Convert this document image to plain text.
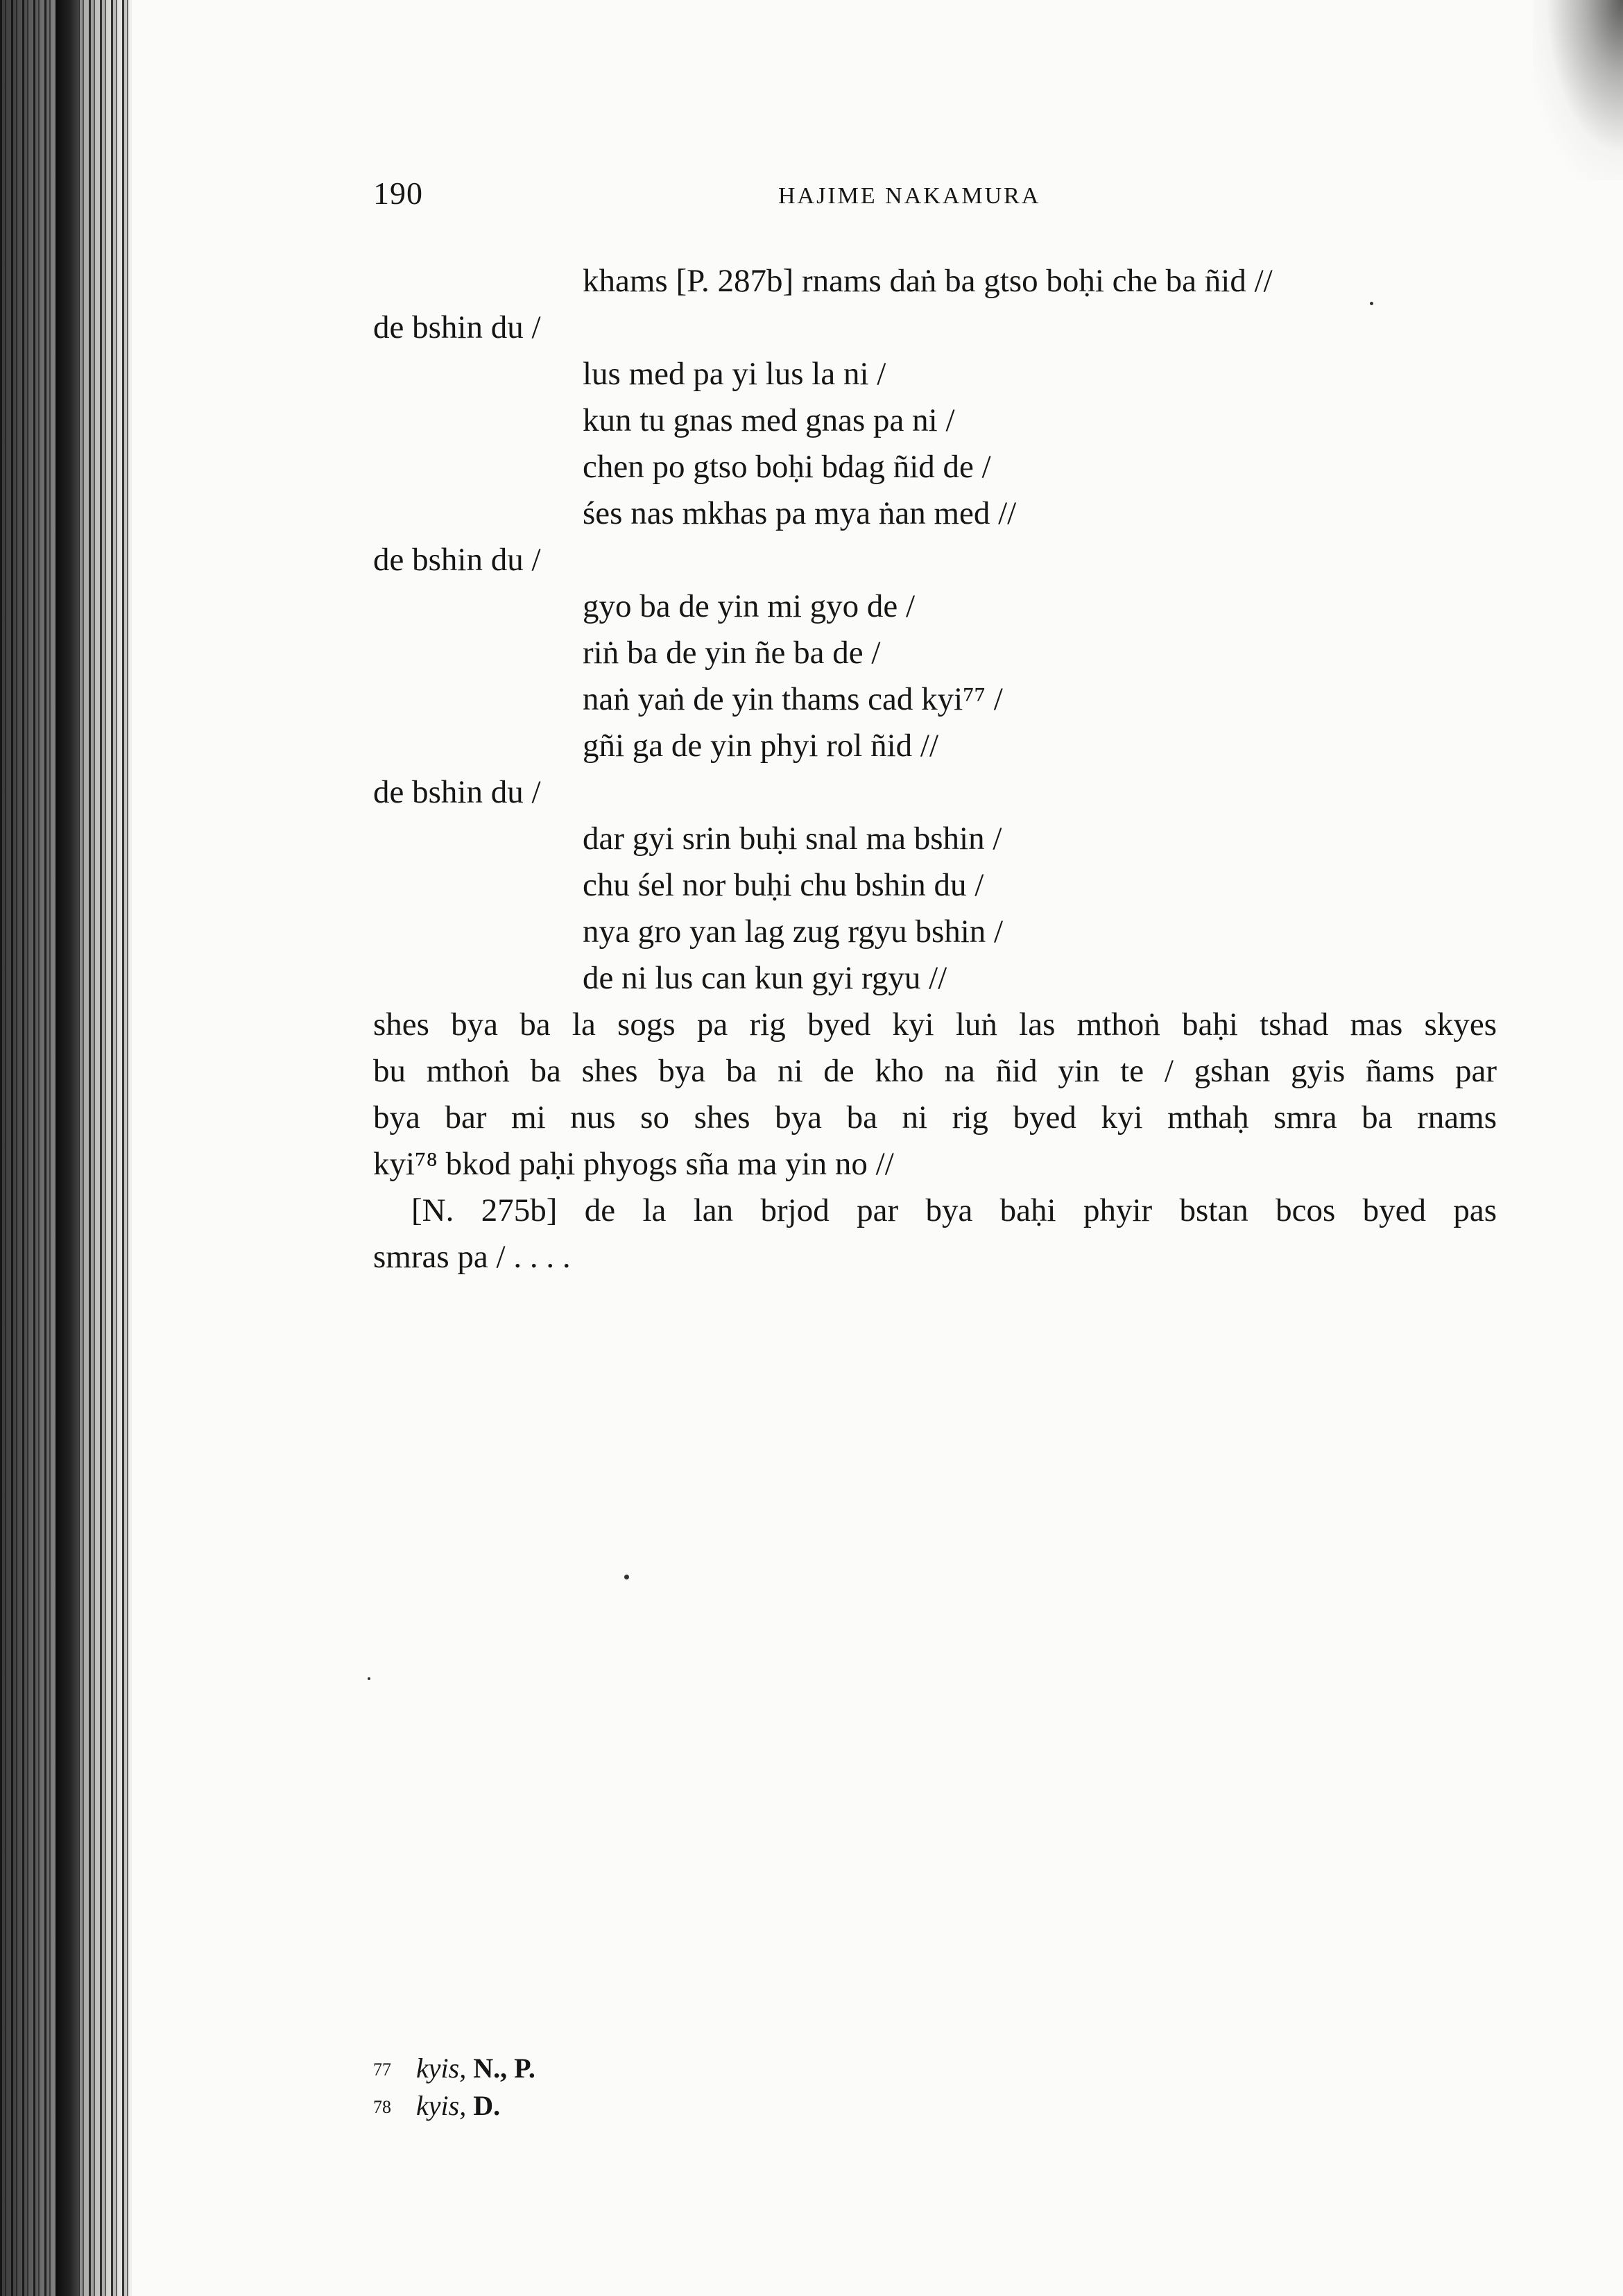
190	HAJIME NAKAMURA
khams [P. 287b] rnams daṅ ba gtso boḥi che ba ñid //
de bshin du /
lus med pa yi lus la ni /
kun tu gnas med gnas pa ni /
chen po gtso boḥi bdag ñid de /
śes nas mkhas pa mya ṅan med //
de bshin du /
gyo ba de yin mi gyo de /
riṅ ba de yin ñe ba de /
naṅ yaṅ de yin thams cad kyi⁷⁷ /
gñi ga de yin phyi rol ñid //
de bshin du /
dar gyi srin buḥi snal ma bshin /
chu śel nor buḥi chu bshin du /
nya gro yan lag zug rgyu bshin /
de ni lus can kun gyi rgyu //
shes bya ba la sogs pa rig byed kyi luṅ las mthoṅ baḥi tshad mas skyes
bu mthoṅ ba shes bya ba ni de kho na ñid yin te / gshan gyis ñams par
bya bar mi nus so shes bya ba ni rig byed kyi mthaḥ smra ba rnams
kyi⁷⁸ bkod paḥi phyogs sña ma yin no //
[N. 275b] de la lan brjod par bya baḥi phyir bstan bcos byed pas
smras pa / . . . .
77 kyis, N., P.
78 kyis, D.
